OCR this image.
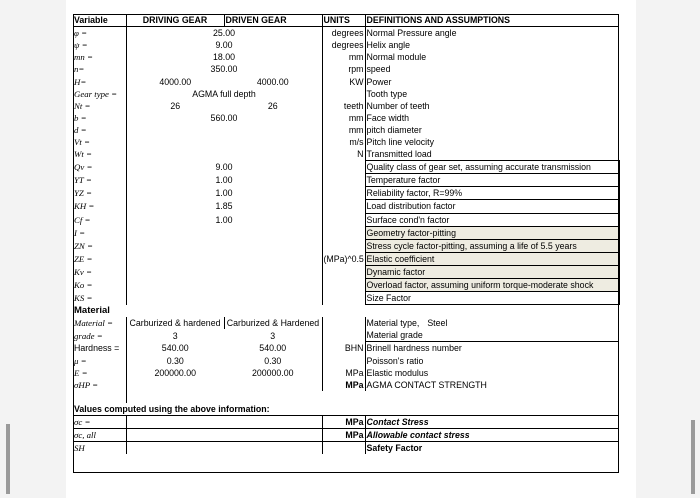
Variable	DRIVING GEAR	DRIVEN GEAR	UNITS	DEFINITIONS AND ASSUMPTIONS
φ =	25.00		degrees	Normal Pressure angle
ψ =	9.00		degrees	Helix angle
mn =	18.00		mm	Normal module
n=	350.00		rpm	speed
H=	4000.00	4000.00	KW	Power
Gear type =	AGMA full depth			Tooth type
Nt =	26	26	teeth	Number of teeth
b =	560.00		mm	Face width
d =			mm	pitch diameter
Vt =			m/s	Pitch line velocity
Wt =			N	Transmitted load
Qv =	9.00			Quality class of gear set, assuming accurate transmission
YT =	1.00			Temperature factor
YZ =	1.00			Reliability factor, R=99%
KH =	1.85			Load distribution factor
Cf =	1.00			Surface cond'n factor
I =				Geometry factor-pitting
ZN =				Stress cycle factor-pitting, assuming a life of 5.5 years
ZE =			(MPa)^0.5	Elastic coefficient
Kv =				Dynamic factor
Ko =				Overload factor, assuming uniform torque-moderate shock
KS =				Size Factor
Material				
Material =	Carburized & hardened	Carburized & Hardened		Material type, Steel
grade =	3	3		Material grade
Hardness =	540.00	540.00	BHN	Brinell hardness number
μ =	0.30	0.30		Poisson's ratio
E =	200000.00	200000.00	MPa	Elastic modulus
σHP =			MPa	AGMA CONTACT STRENGTH

Values computed using the above information:				
σc =			MPa	Contact Stress
σc, all			MPa	Allowable contact stress
SH				Safety Factor
